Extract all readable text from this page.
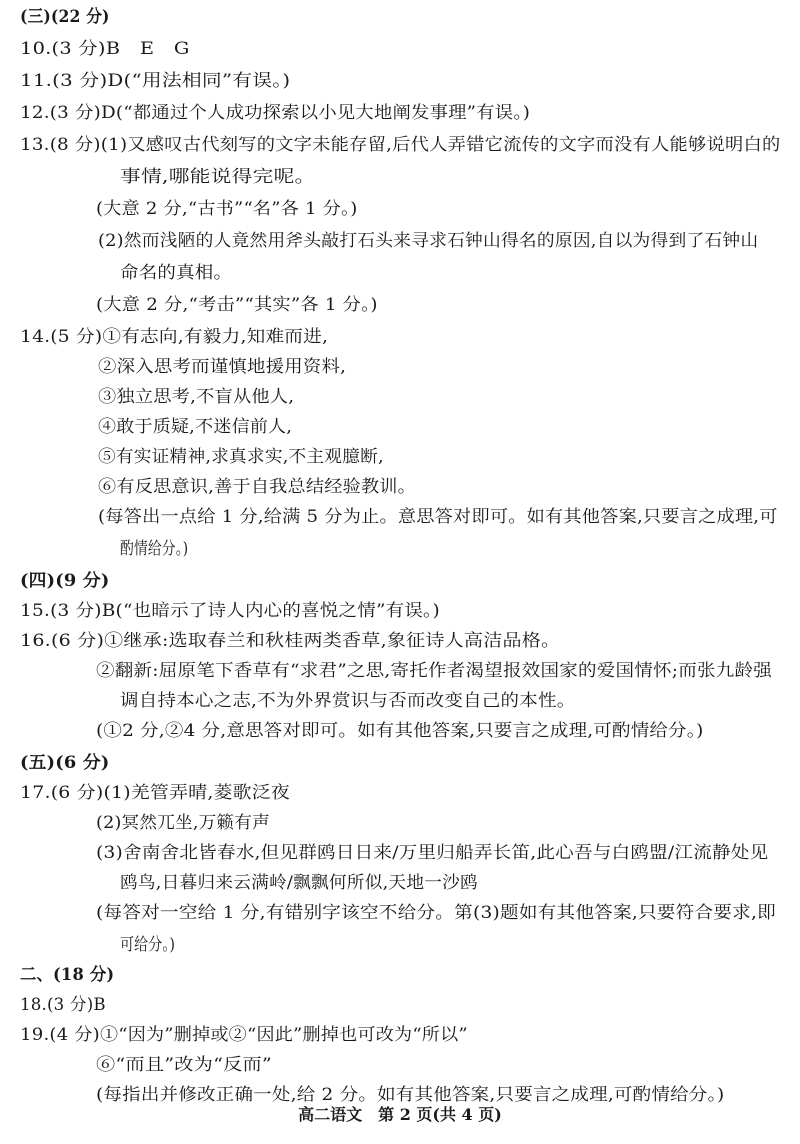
(三)(22 分)
10.(3 分)B　E　G
11.(3 分)D(“用法相同”有误。)
12.(3 分)D(“都通过个人成功探索以小见大地阐发事理”有误。)
13.(8 分)(1)又感叹古代刻写的文字未能存留,后代人弄错它流传的文字而没有人能够说明白的
事情,哪能说得完呢。
(大意 2 分,“古书”“名”各 1 分。)
(2)然而浅陋的人竟然用斧头敲打石头来寻求石钟山得名的原因,自以为得到了石钟山
命名的真相。
(大意 2 分,“考击”“其实”各 1 分。)
14.(5 分)①有志向,有毅力,知难而进,
②深入思考而谨慎地援用资料,
③独立思考,不盲从他人,
④敢于质疑,不迷信前人,
⑤有实证精神,求真求实,不主观臆断,
⑥有反思意识,善于自我总结经验教训。
(每答出一点给 1 分,给满 5 分为止。意思答对即可。如有其他答案,只要言之成理,可
酌情给分。)
(四)(9 分)
15.(3 分)B(“也暗示了诗人内心的喜悦之情”有误。)
16.(6 分)①继承:选取春兰和秋桂两类香草,象征诗人高洁品格。
②翻新:屈原笔下香草有“求君”之思,寄托作者渴望报效国家的爱国情怀;而张九龄强
调自持本心之志,不为外界赏识与否而改变自己的本性。
(①2 分,②4 分,意思答对即可。如有其他答案,只要言之成理,可酌情给分。)
(五)(6 分)
17.(6 分)(1)羌管弄晴,菱歌泛夜
(2)冥然兀坐,万籁有声
(3)舍南舍北皆春水,但见群鸥日日来/万里归船弄长笛,此心吾与白鸥盟/江流静处见
鸥鸟,日暮归来云满岭/飘飘何所似,天地一沙鸥
(每答对一空给 1 分,有错别字该空不给分。第(3)题如有其他答案,只要符合要求,即
可给分。)
二、(18 分)
18.(3 分)B
19.(4 分)①“因为”删掉或②“因此”删掉也可改为“所以”
⑥“而且”改为“反而”
(每指出并修改正确一处,给 2 分。如有其他答案,只要言之成理,可酌情给分。)
高二语文　第 2 页(共 4 页)
